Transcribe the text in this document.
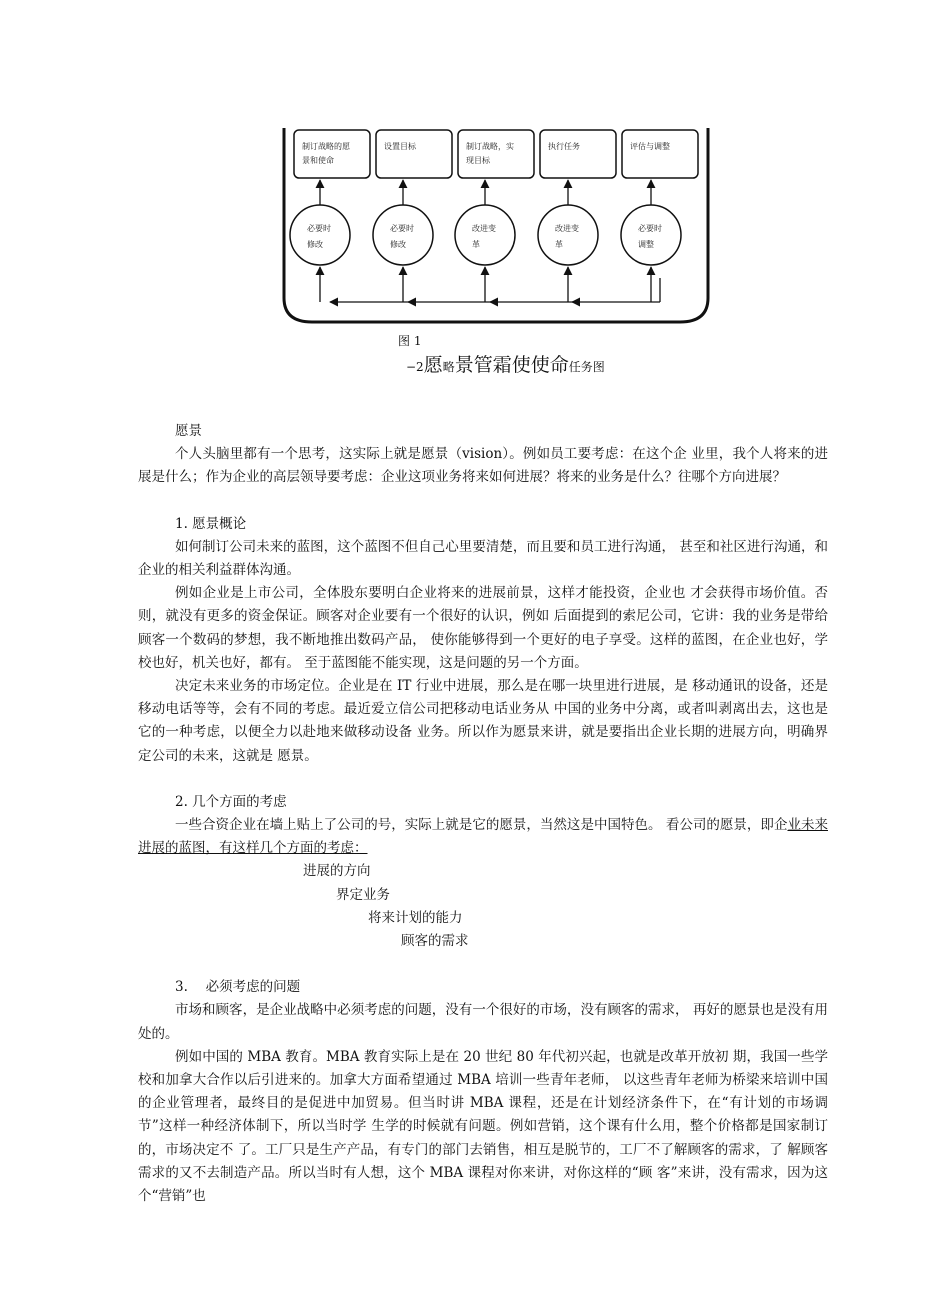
制订战略的愿
景和使命
必要时
修改
设置目标
必要时
修改
制订战略，实
现目标
改进变
革
执行任务
改进变
革
评估与调整
必要时
调整
图 1
−2愿略景管霜使使命任务图

愿景

个人头脑里都有一个思考，这实际上就是愿景（vision）。例如员工要考虑：在这个企 业里，我个人将来的进展是什么；作为企业的高层领导要考虑：企业这项业务将来如何进展？将来的业务是什么？往哪个方向进展？

1. 愿景概论

如何制订公司未来的蓝图，这个蓝图不但自己心里要清楚，而且要和员工进行沟通， 甚至和社区进行沟通，和企业的相关利益群体沟通。

例如企业是上市公司，全体股东要明白企业将来的进展前景，这样才能投资，企业也 才会获得市场价值。否则，就没有更多的资金保证。顾客对企业要有一个很好的认识，例如 后面提到的索尼公司，它讲：我的业务是带给顾客一个数码的梦想，我不断地推出数码产品， 使你能够得到一个更好的电子享受。这样的蓝图，在企业也好，学校也好，机关也好，都有。 至于蓝图能不能实现，这是问题的另一个方面。

决定未来业务的市场定位。企业是在 IT 行业中进展，那么是在哪一块里进行进展，是 移动通讯的设备，还是移动电话等等，会有不同的考虑。最近爱立信公司把移动电话业务从 中国的业务中分离，或者叫剥离出去，这也是它的一种考虑，以便全力以赴地来做移动设备 业务。所以作为愿景来讲，就是要指出企业长期的进展方向，明确界定公司的未来，这就是 愿景。

2. 几个方面的考虑

一些合资企业在墙上贴上了公司的号，实际上就是它的愿景，当然这是中国特色。 看公司的愿景，即企业未来进展的蓝图，有这样几个方面的考虑：

进展的方向

界定业务

将来计划的能力

顾客的需求

3.　 必须考虑的问题

市场和顾客，是企业战略中必须考虑的问题，没有一个很好的市场，没有顾客的需求， 再好的愿景也是没有用处的。

例如中国的 MBA 教育。MBA 教育实际上是在 20 世纪 80 年代初兴起，也就是改革开放初 期，我国一些学校和加拿大合作以后引进来的。加拿大方面希望通过 MBA 培训一些青年老师， 以这些青年老师为桥梁来培训中国的企业管理者，最终目的是促进中加贸易。但当时讲 MBA 课程，还是在计划经济条件下，在“有计划的市场调节”这样一种经济体制下，所以当时学 生学的时候就有问题。例如营销，这个课有什么用，整个价格都是国家制订的，市场决定不 了。工厂只是生产产品，有专门的部门去销售，相互是脱节的，工厂不了解顾客的需求，了 解顾客需求的又不去制造产品。所以当时有人想，这个 MBA 课程对你来讲，对你这样的“顾 客”来讲，没有需求，因为这个“营销”也
